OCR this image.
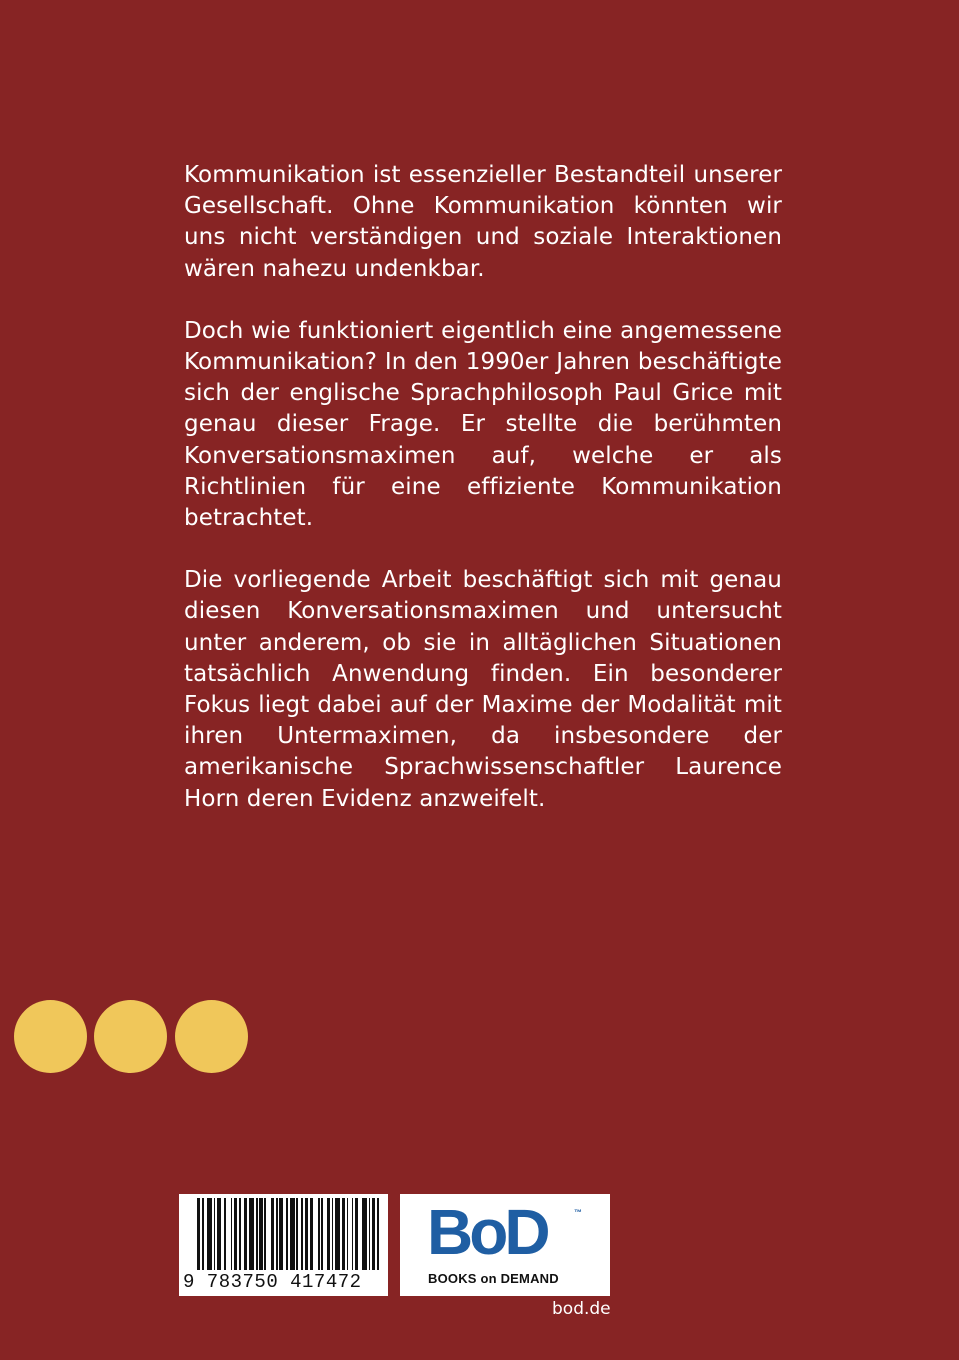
Kommunikation ist essenzieller Bestandteil unserer Gesellschaft. Ohne Kommunikation könnten wir uns nicht verständigen und soziale Interaktionen wären nahezu undenkbar.

Doch wie funktioniert eigentlich eine angemessene Kommunikation? In den 1990er Jahren beschäftigte sich der englische Sprachphilosoph Paul Grice mit genau dieser Frage. Er stellte die berühmten Konversationsmaximen auf, welche er als Richtlinien für eine effiziente Kommunikation betrachtet.

Die vorliegende Arbeit beschäftigt sich mit genau diesen Konversationsmaximen und untersucht unter anderem, ob sie in alltäglichen Situationen tatsächlich Anwendung finden. Ein besonderer Fokus liegt dabei auf der Maxime der Modalität mit ihren Untermaximen, da insbesondere der amerikanische Sprachwissenschaftler Laurence Horn deren Evidenz anzweifelt.

9 783750 417472
BoD	™
BOOKS on DEMAND
bod.de
